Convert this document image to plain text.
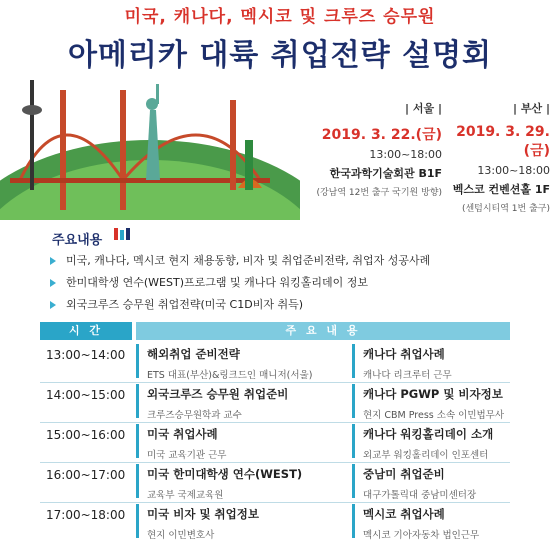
미국, 캐나다, 멕시코 및 크루즈 승무원
아메리카 대륙 취업전략 설명회
| 서울 |
2019. 3. 22.(금)
13:00~18:00
한국과학기술회관 B1F
(강남역 12번 출구 국기원 방향)
| 부산 |
2019. 3. 29.(금)
13:00~18:00
벡스코 컨벤션홀 1F
(센텀시티역 1번 출구)
주요내용
미국, 캐나다, 멕시코 현지 채용동향, 비자 및 취업준비전략, 취업자 성공사례
한미대학생 연수(WEST)프로그램 및 캐나다 워킹홀리데이 정보
외국크루즈 승무원 취업전략(미국 C1D비자 취득)
시 간	주 요 내 용
13:00~14:00 해외취업 준비전략
ETS 대표(부산)&링크드인 매니저(서울)
캐나다 취업사례
캐나다 리크루터 근무
14:00~15:00 외국크루즈 승무원 취업준비
크루즈승무원학과 교수
캐나다 PGWP 및 비자정보
현지 CBM Press 소속 이민법무사
15:00~16:00 미국 취업사례
미국 교육기관 근무
캐나다 워킹홀리데이 소개
외교부 워킹홀리데이 인포센터
16:00~17:00 미국 한미대학생 연수(WEST)
교육부 국제교육원
중남미 취업준비
대구가톨릭대 중남미센터장
17:00~18:00 미국 비자 및 취업정보
현지 이민변호사
멕시코 취업사례
멕시코 기아자동차 법인근무
